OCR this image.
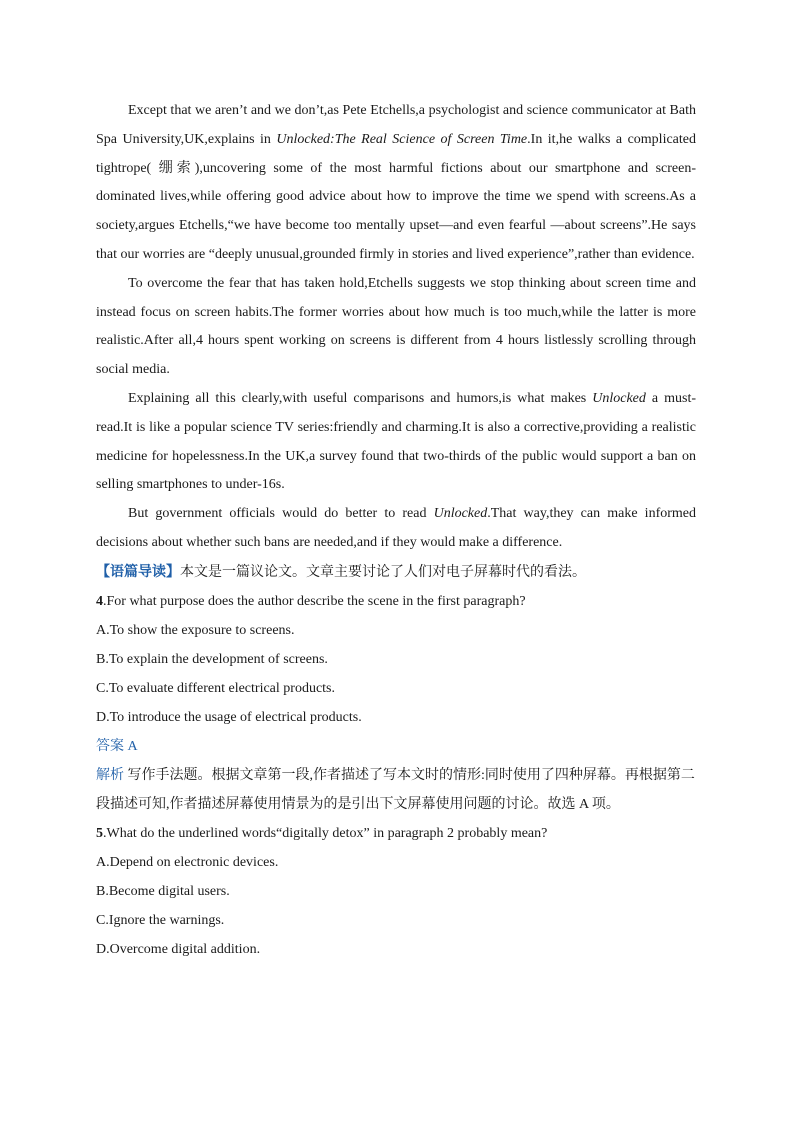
Except that we aren’t and we don’t,as Pete Etchells,a psychologist and science communicator at Bath Spa University,UK,explains in Unlocked:The Real Science of Screen Time.In it,he walks a complicated tightrope( 绷索),uncovering some of the most harmful fictions about our smartphone and screen-dominated lives,while offering good advice about how to improve the time we spend with screens.As a society,argues Etchells,“we have become too mentally upset—and even fearful —about screens”.He says that our worries are “deeply unusual,grounded firmly in stories and lived experience”,rather than evidence.

To overcome the fear that has taken hold,Etchells suggests we stop thinking about screen time and instead focus on screen habits.The former worries about how much is too much,while the latter is more realistic.After all,4 hours spent working on screens is different from 4 hours listlessly scrolling through social media.

Explaining all this clearly,with useful comparisons and humors,is what makes Unlocked a must-read.It is like a popular science TV series:friendly and charming.It is also a corrective,providing a realistic medicine for hopelessness.In the UK,a survey found that two-thirds of the public would support a ban on selling smartphones to under-16s.

But government officials would do better to read Unlocked.That way,they can make informed decisions about whether such bans are needed,and if they would make a difference.

【语篇导读】本文是一篇议论文。文章主要讨论了人们对电子屏幕时代的看法。

4.For what purpose does the author describe the scene in the first paragraph?

A.To show the exposure to screens.

B.To explain the development of screens.

C.To evaluate different electrical products.

D.To introduce the usage of electrical products.

答案 A

解析 写作手法题。根据文章第一段,作者描述了写本文时的情形:同时使用了四种屏幕。再根据第二段描述可知,作者描述屏幕使用情景为的是引出下文屏幕使用问题的讨论。故选 A 项。

5.What do the underlined words“digitally detox” in paragraph 2 probably mean?

A.Depend on electronic devices.

B.Become digital users.

C.Ignore the warnings.

D.Overcome digital addition.
